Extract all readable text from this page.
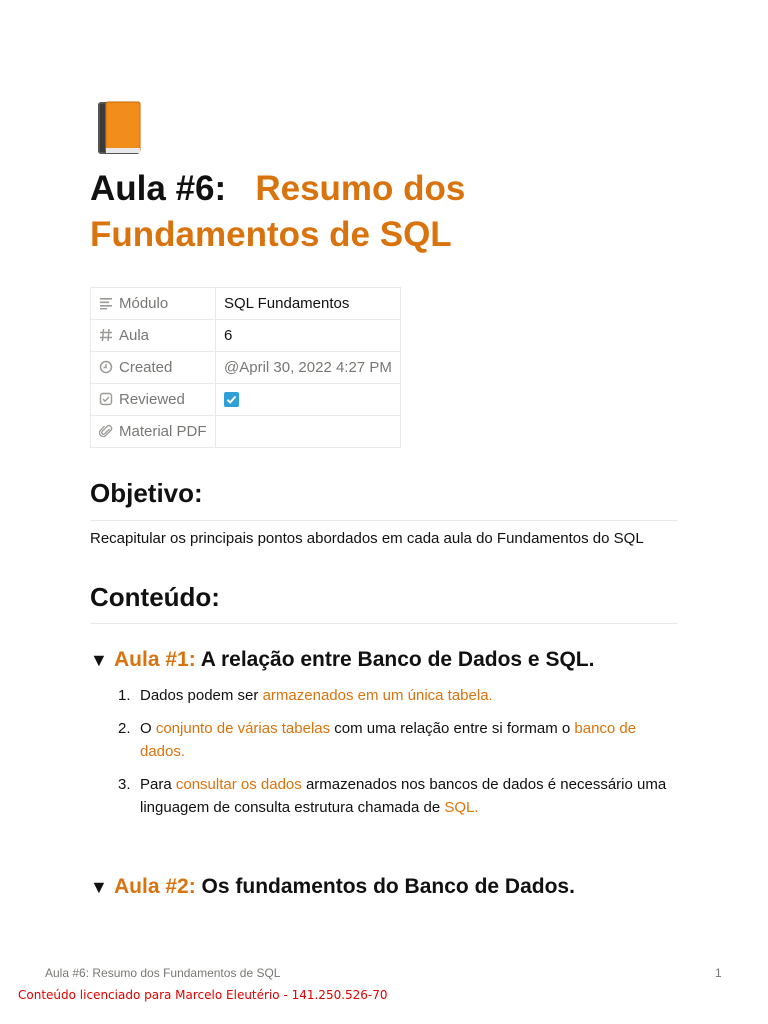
Aula #6: Resumo dos Fundamentos de SQL
Módulo	SQL Fundamentos
Aula	6
Created	@April 30, 2022 4:27 PM
Reviewed	

Material PDF	
Objetivo:

Recapitular os principais pontos abordados em cada aula do Fundamentos do SQL

Conteúdo:
▼ Aula #1: A relação entre Banco de Dados e SQL.
1. Dados podem ser armazenados em um única tabela.
2. O conjunto de várias tabelas com uma relação entre si formam o banco de dados.
3. Para consultar os dados armazenados nos bancos de dados é necessário uma linguagem de consulta estrutura chamada de SQL.
▼ Aula #2: Os fundamentos do Banco de Dados.
Aula #6: Resumo dos Fundamentos de SQL	1
Conteúdo licenciado para Marcelo Eleutério - 141.250.526-70
